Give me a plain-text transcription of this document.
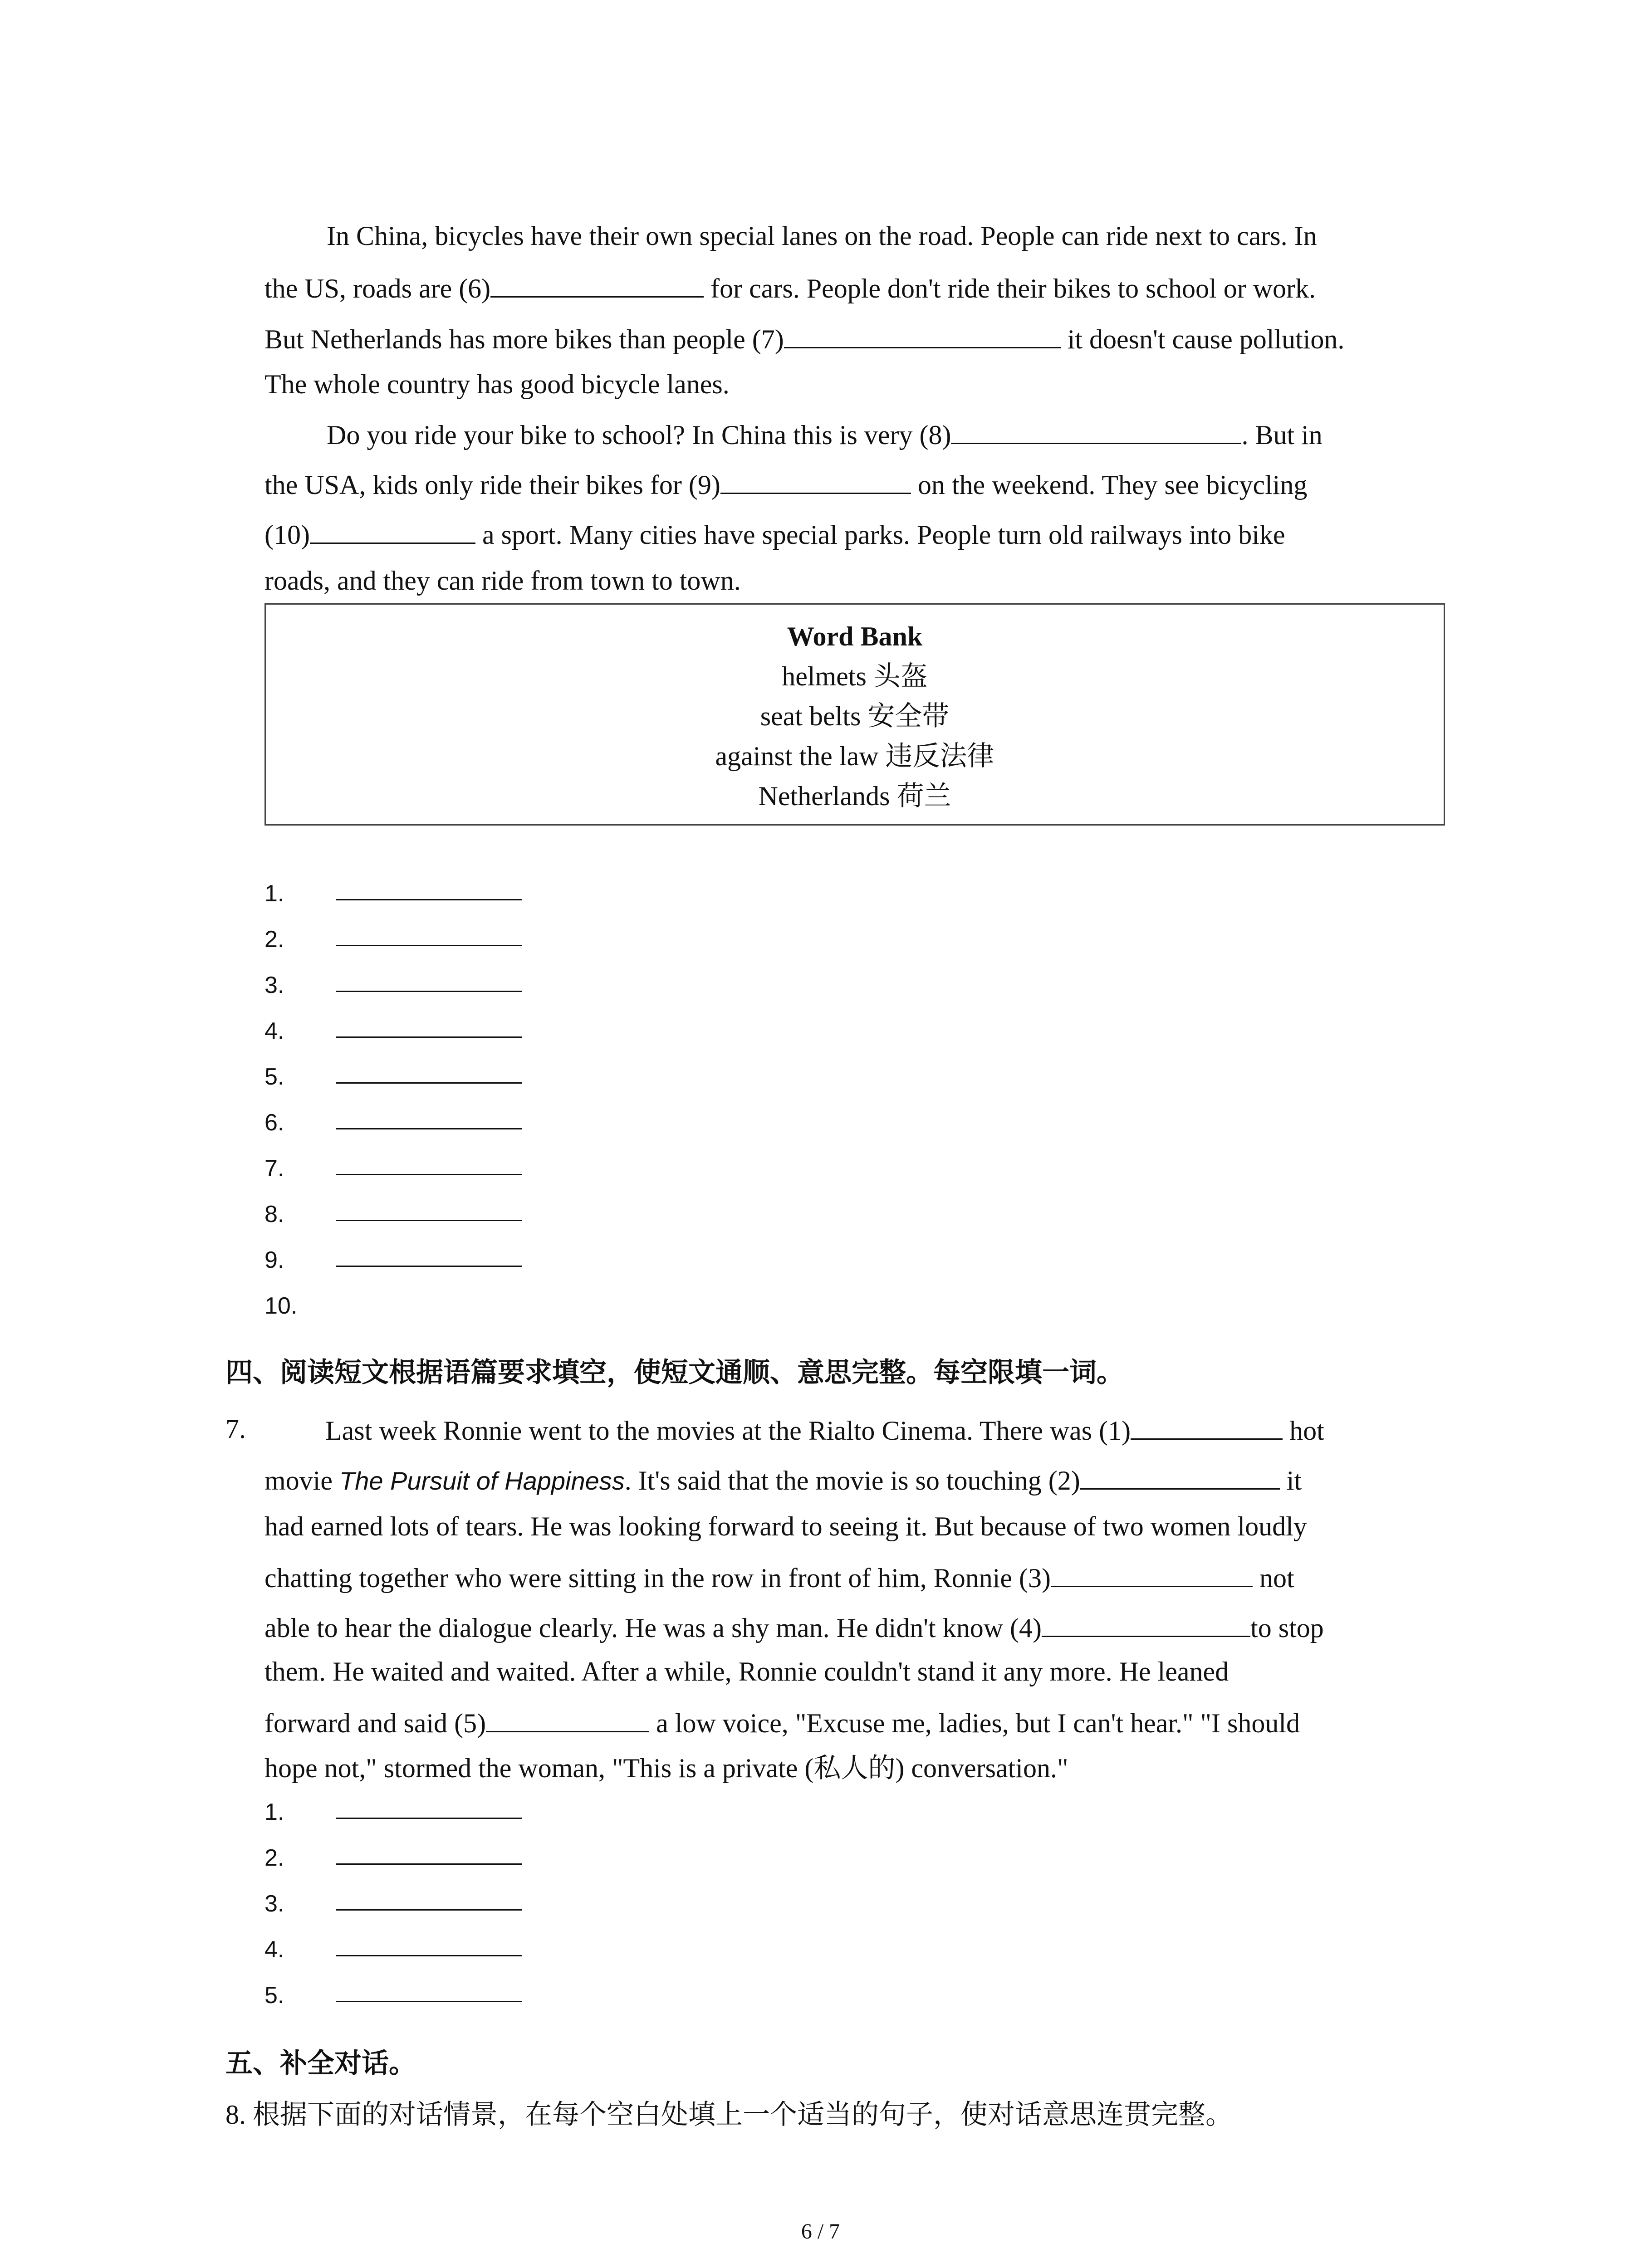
In China, bicycles have their own special lanes on the road. People can ride next to cars. In
the US, roads are (6)	for cars. People don't ride their bikes to school or work.
But Netherlands has more bikes than people (7)	it doesn't cause pollution.
The whole country has good bicycle lanes.
Do you ride your bike to school? In China this is very (8)	. But in
the USA, kids only ride their bikes for (9)	on the weekend. They see bicycling
(10)	a sport. Many cities have special parks. People turn old railways into bike
roads, and they can ride from town to town.
Word Bank
helmets 头盔
seat belts 安全带
against the law 违反法律
Netherlands 荷兰
1.
2.
3.
4.
5.
6.
7.
8.
9.
10.
四、阅读短文根据语篇要求填空，使短文通顺、意思完整。每空限填一词。
7.	Last week Ronnie went to the movies at the Rialto Cinema. There was (1)	hot
movie The Pursuit of Happiness. It's said that the movie is so touching (2)	it
had earned lots of tears. He was looking forward to seeing it. But because of two women loudly
chatting together who were sitting in the row in front of him, Ronnie (3)	not
able to hear the dialogue clearly. He was a shy man. He didn't know (4)	to stop
them. He waited and waited. After a while, Ronnie couldn't stand it any more. He leaned
forward and said (5)	a low voice, "Excuse me, ladies, but I can't hear." "I should
hope not," stormed the woman, "This is a private (私人的) conversation."
1.
2.
3.
4.
5.
五、补全对话。
8. 根据下面的对话情景，在每个空白处填上一个适当的句子，使对话意思连贯完整。
6 / 7
